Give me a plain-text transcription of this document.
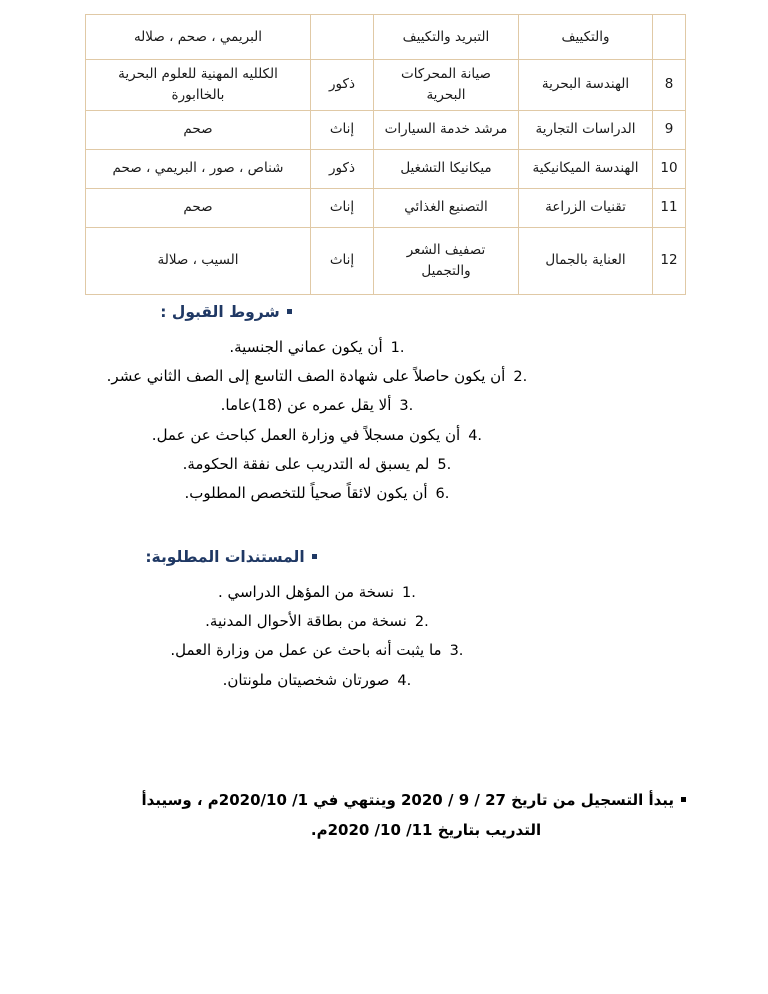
	والتكييف	التبريد والتكييف		البريمي ، صحم ، صلاله
8	الهندسة البحرية	صيانة المحركات البحرية	ذكور	الكلليه المهنية للعلوم البحرية بالخاابورة
9	الدراسات التجارية	مرشد خدمة السيارات	إناث	صحم
10	الهندسة الميكانيكية	ميكانيكا التشغيل	ذكور	شناص ، صور ، البريمي ، صحم
11	تقنيات الزراعة	التصنيع الغذائي	إناث	صحم
12	العناية بالجمال	تصفيف الشعر والتجميل	إناث	السيب ، صلالة
شروط القبول :
1.أن يكون عماني الجنسية.
2.أن يكون حاصلاً على شهادة الصف التاسع إلى الصف الثاني عشر.
3.ألا يقل عمره عن (18)عاما.
4.أن يكون مسجلاً في وزارة العمل كباحث عن عمل.
5.لم يسبق له التدريب على نفقة الحكومة.
6.أن يكون لائقاً صحياً للتخصص المطلوب.
المستندات المطلوبة:
1.نسخة من المؤهل الدراسي .
2.نسخة من بطاقة الأحوال المدنية.
3.ما يثبت أنه باحث عن عمل من وزارة العمل.
4.صورتان شخصيتان ملونتان.
يبدأ التسجيل من تاريخ 27 / 9 / 2020 وينتهي في 1/ 2020/10م ، وسيبدأ
التدريب بتاريخ 11/ 10/ 2020م.
